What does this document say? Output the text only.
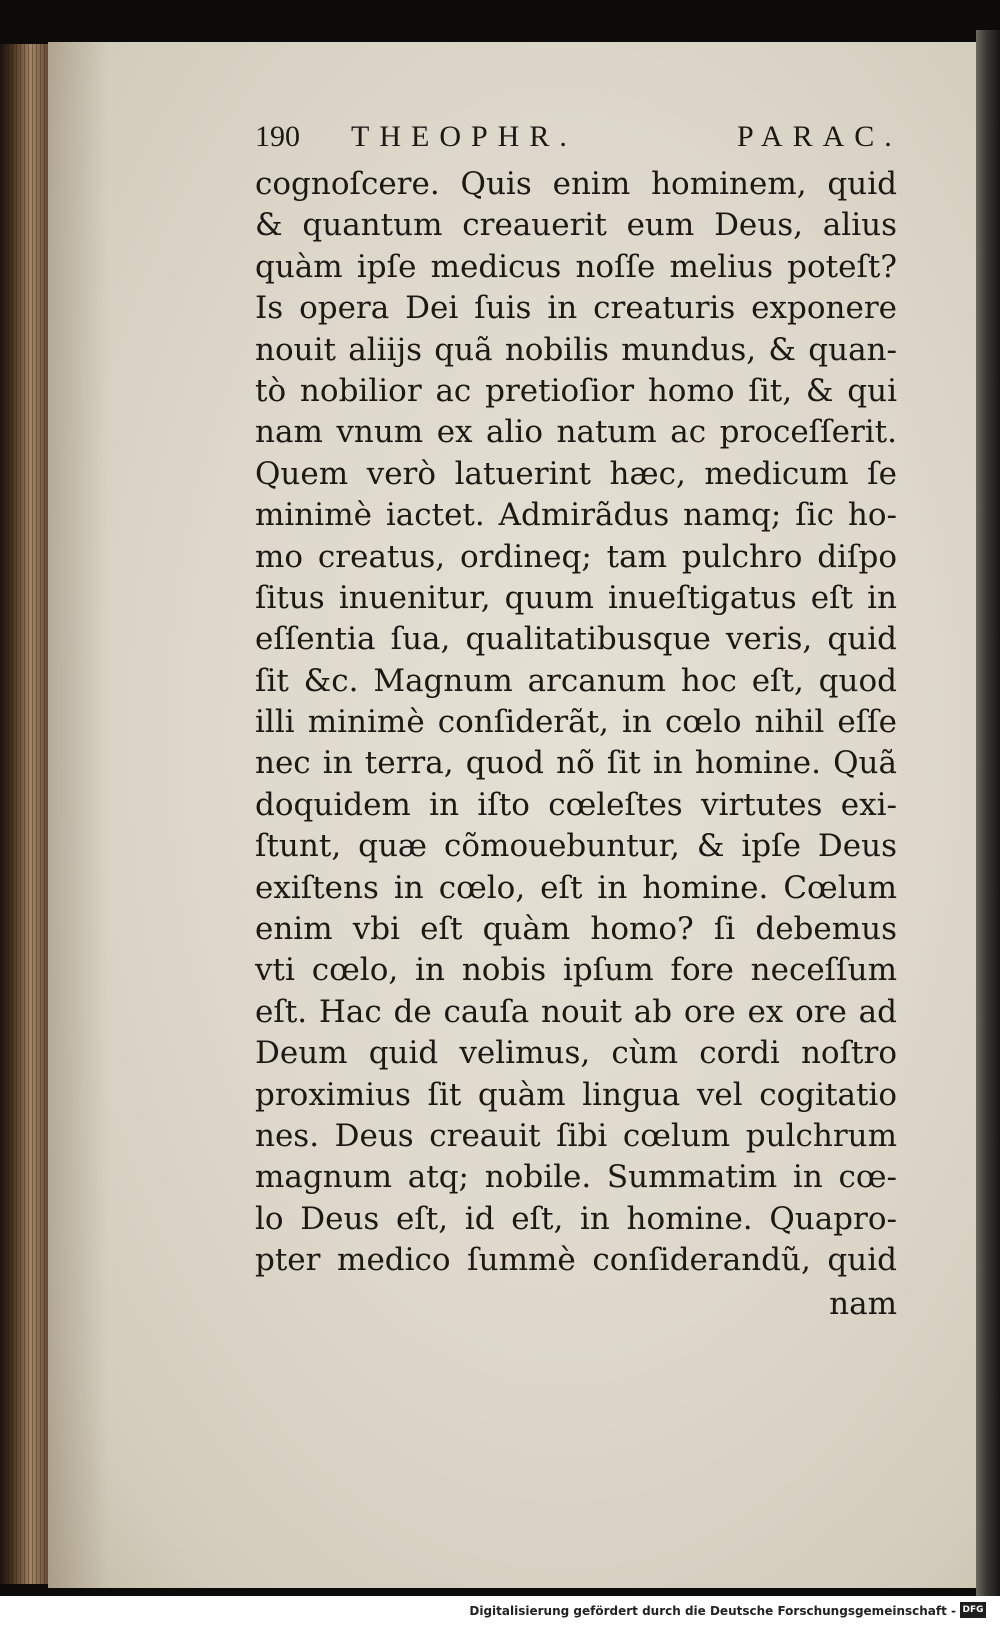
190 THEOPHR.	PARAC.
cognoſcere. Quis enim hominem, quid
& quantum creauerit eum Deus, alius
quàm ipſe medicus noſſe melius poteſt?
Is opera Dei ſuis in creaturis exponere
nouit aliijs quã nobilis mundus, & quan-
tò nobilior ac pretioſior homo ſit, & qui
nam vnum ex alio natum ac proceſſerit.
Quem verò latuerint hæc, medicum ſe
minimè iactet. Admirãdus namq; ſic ho-
mo creatus, ordineq; tam pulchro diſpo
ſitus inuenitur, quum inueſtigatus eſt in
eſſentia ſua, qualitatibusque veris, quid
ſit &c. Magnum arcanum hoc eſt, quod
illi minimè conſiderãt, in cœlo nihil eſſe
nec in terra, quod nõ ſit in homine. Quã
doquidem in iſto cœleſtes virtutes exi-
ſtunt, quæ cõmouebuntur, & ipſe Deus
exiſtens in cœlo, eſt in homine. Cœlum
enim vbi eſt quàm homo? ſi debemus
vti cœlo, in nobis ipſum fore neceſſum
eſt. Hac de cauſa nouit ab ore ex ore ad
Deum quid velimus, cùm cordi noſtro
proximius ſit quàm lingua vel cogitatio
nes. Deus creauit ſibi cœlum pulchrum
magnum atq; nobile. Summatim in cœ-
lo Deus eſt, id eſt, in homine. Quapro-
pter medico ſummè conſiderandũ, quid
nam
Digitalisierung gefördert durch die Deutsche Forschungsgemeinschaft - DFG
